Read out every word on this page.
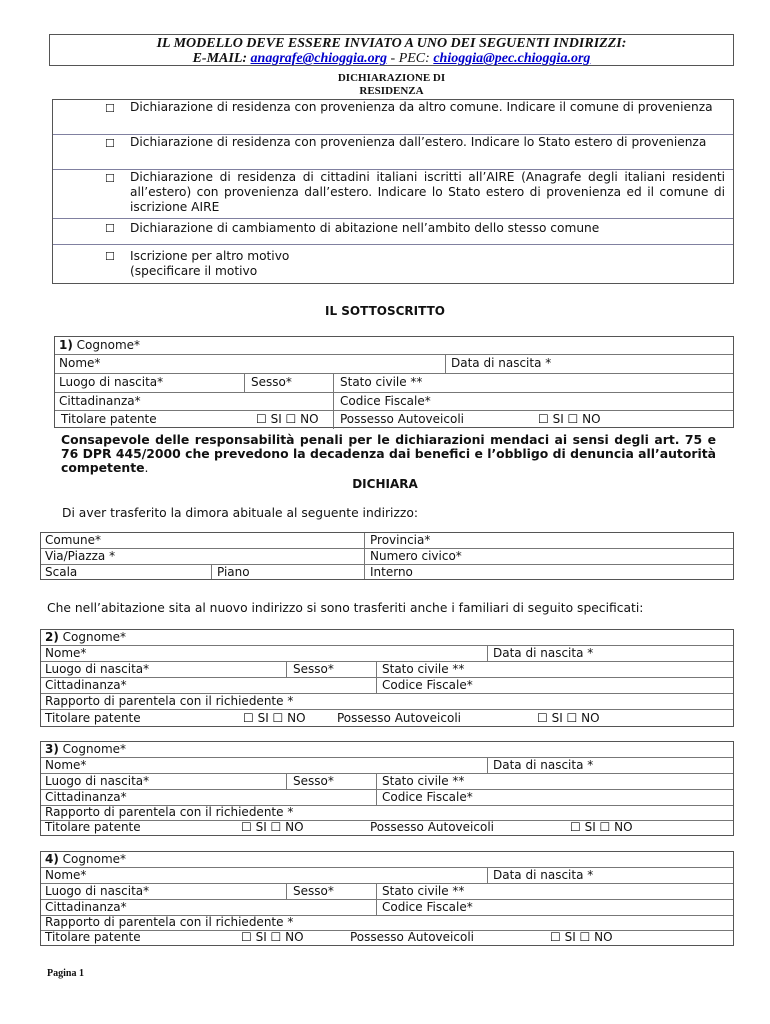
IL MODELLO DEVE ESSERE INVIATO A UNO DEI SEGUENTI INDIRIZZI:
E-MAIL: anagrafe@chioggia.org - PEC: chioggia@pec.chioggia.org
DICHIARAZIONE DI
RESIDENZA
☐ Dichiarazione di residenza con provenienza da altro comune. Indicare il comune di provenienza
☐ Dichiarazione di residenza con provenienza dall’estero. Indicare lo Stato estero di provenienza
☐ Dichiarazione di residenza di cittadini italiani iscritti all’AIRE (Anagrafe degli italiani residenti all’estero) con provenienza dall’estero. Indicare lo Stato estero di provenienza ed il comune di iscrizione AIRE
☐ Dichiarazione di cambiamento di abitazione nell’ambito dello stesso comune
☐ Iscrizione per altro motivo
(specificare il motivo
IL SOTTOSCRITTO
1) Cognome*
Nome*	Data di nascita *
Luogo di nascita*	Sesso*	Stato civile **
Cittadinanza*	Codice Fiscale*
Titolare patente	☐ SI ☐ NO Possesso Autoveicoli	☐ SI ☐ NO
Consapevole delle responsabilità penali per le dichiarazioni mendaci ai sensi degli art. 75 e 76 DPR 445/2000 che prevedono la decadenza dai benefici e l’obbligo di denuncia all’autorità competente.
DICHIARA
Di aver trasferito la dimora abituale al seguente indirizzo:
Comune*	Provincia*
Via/Piazza *	Numero civico*
Scala	Piano	Interno
Che nell’abitazione sita al nuovo indirizzo si sono trasferiti anche i familiari di seguito specificati:
2) Cognome*
Nome*	Data di nascita *
Luogo di nascita*	Sesso*	Stato civile **
Cittadinanza*	Codice Fiscale*
Rapporto di parentela con il richiedente *
Titolare patente	☐ SI ☐ NO	Possesso Autoveicoli	☐ SI ☐ NO
3) Cognome*
Nome*	Data di nascita *
Luogo di nascita*	Sesso*	Stato civile **
Cittadinanza*	Codice Fiscale*
Rapporto di parentela con il richiedente *
Titolare patente	☐ SI ☐ NO	Possesso Autoveicoli	☐ SI ☐ NO
4) Cognome*
Nome*	Data di nascita *
Luogo di nascita*	Sesso*	Stato civile **
Cittadinanza*	Codice Fiscale*
Rapporto di parentela con il richiedente *
Titolare patente	☐ SI ☐ NO	Possesso Autoveicoli	☐ SI ☐ NO
Pagina 1
